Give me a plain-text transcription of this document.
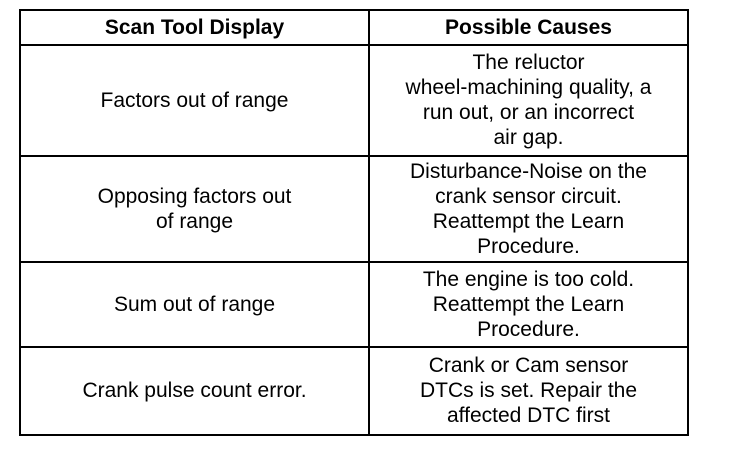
Scan Tool Display	Possible Causes

Factors out of range	The reluctor
wheel-machining quality, a
run out, or an incorrect
air gap.

Opposing factors out
of range	Disturbance-Noise on the
crank sensor circuit.
Reattempt the Learn
Procedure.

Sum out of range	The engine is too cold.
Reattempt the Learn
Procedure.

Crank pulse count error.	Crank or Cam sensor
DTCs is set. Repair the
affected DTC first
